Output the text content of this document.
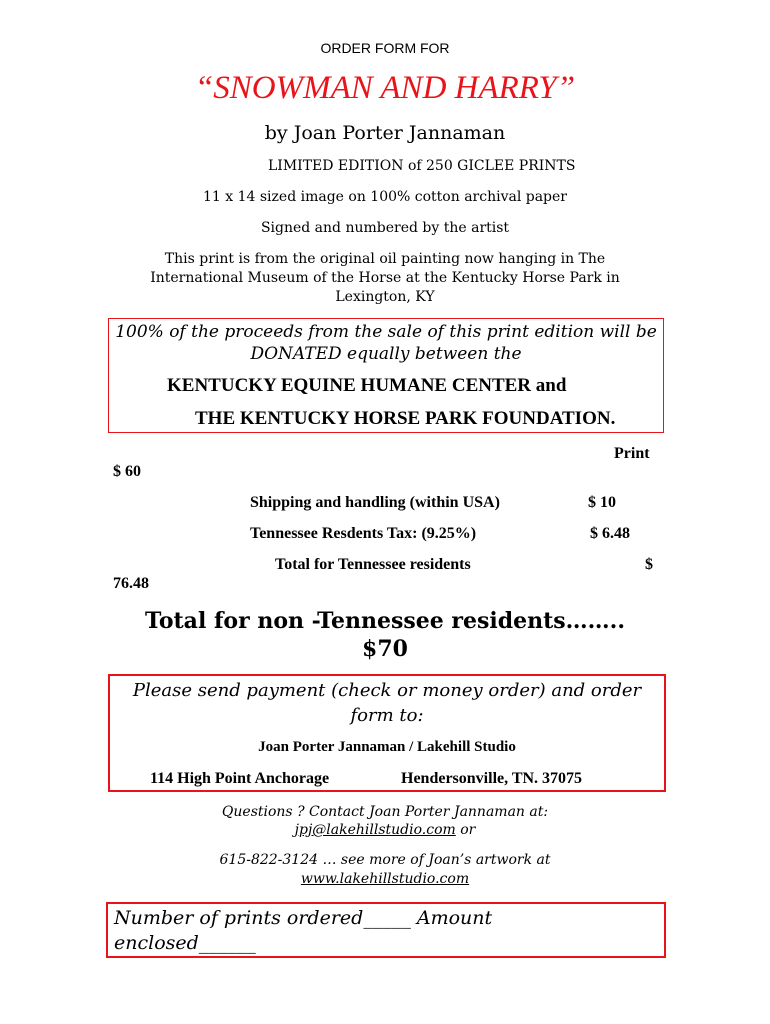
ORDER FORM FOR
“SNOWMAN AND HARRY”
by Joan Porter Jannaman
LIMITED EDITION of 250 GICLEE PRINTS
11 x 14 sized image on 100% cotton archival paper
Signed and numbered by the artist
This print is from the original oil painting now hanging in The International Museum of the Horse at the Kentucky Horse Park in Lexington, KY
100% of the proceeds from the sale of this print edition will be DONATED equally between the
KENTUCKY EQUINE HUMANE CENTER and
THE KENTUCKY HORSE PARK FOUNDATION.
Print
$ 60
Shipping and handling (within USA)	$ 10
Tennessee Resdents Tax: (9.25%)	$ 6.48
Total for Tennessee residents	$
76.48
Total for non -Tennessee residents……..
$70
Please send payment (check or money order) and order form to:
Joan Porter Jannaman / Lakehill Studio
114 High Point Anchorage	Hendersonville, TN. 37075
Questions ? Contact Joan Porter Jannaman at:
jpj@lakehillstudio.com or
615-822-3124 … see more of Joan’s artwork at
www.lakehillstudio.com
Number of prints ordered_____ Amount enclosed______
